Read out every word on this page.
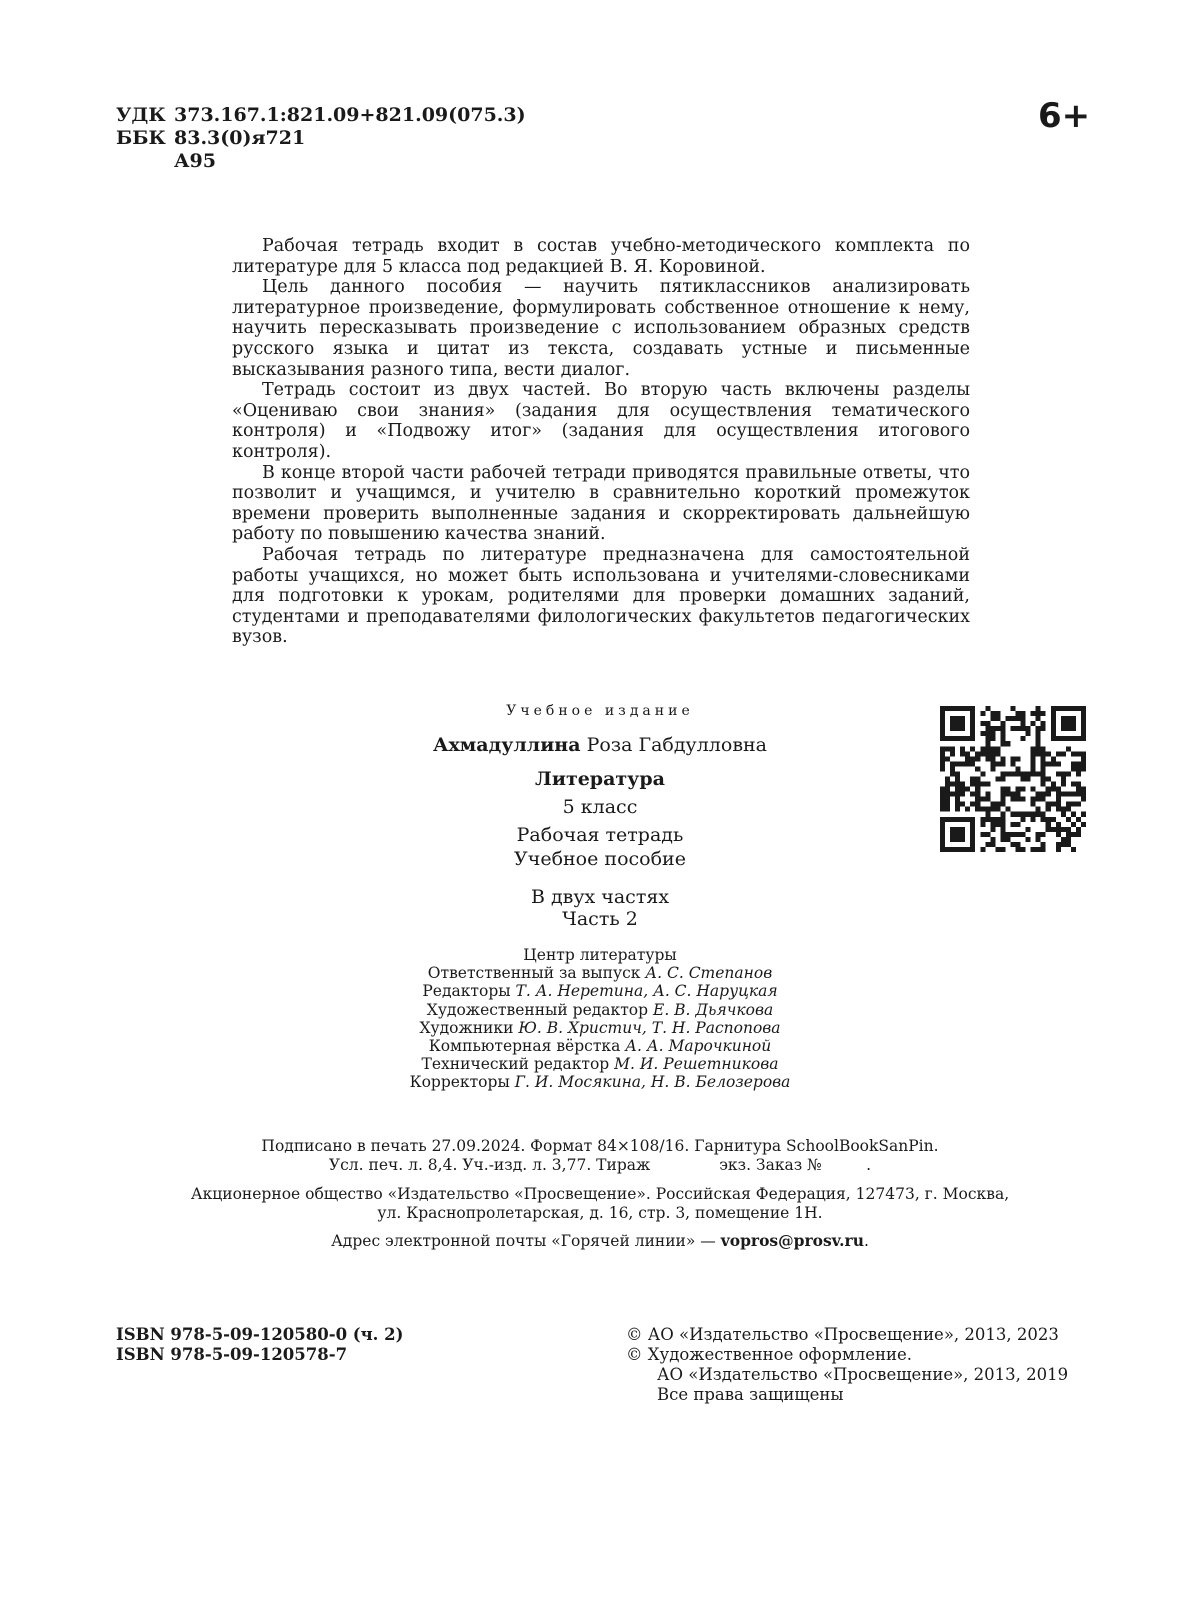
УДК 373.167.1:821.09+821.09(075.3)
ББК 83.3(0)я721
А95
6+

Рабочая тетрадь входит в состав учебно-методического комплекта по литературе для 5 класса под редакцией В. Я. Коровиной.

Цель данного пособия — научить пятиклассников анализировать литературное произведение, формулировать собственное отношение к нему, научить пересказывать произведение с использованием образных средств русского языка и цитат из текста, создавать устные и письменные высказывания разного типа, вести диалог.

Тетрадь состоит из двух частей. Во вторую часть включены разделы «Оцениваю свои знания» (задания для осуществления тематического контроля) и «Подвожу итог» (задания для осуществления итогового контроля).

В конце второй части рабочей тетради приводятся правильные ответы, что позволит и учащимся, и учителю в сравнительно короткий промежуток времени проверить выполненные задания и скорректировать дальнейшую работу по повышению качества знаний.

Рабочая тетрадь по литературе предназначена для самостоятельной работы учащихся, но может быть использована и учителями-словесниками для подготовки к урокам, родителями для проверки домашних заданий, студентами и преподавателями филологических факультетов педагогических вузов.

Учебное издание
Ахмадуллина Роза Габдулловна
Литература
5 класс
Рабочая тетрадь
Учебное пособие
В двух частях
Часть 2
Центр литературы
Ответственный за выпуск А. С. Степанов
Редакторы Т. А. Неретина, А. С. Наруцкая
Художественный редактор Е. В. Дьячкова
Художники Ю. В. Христич, Т. Н. Распопова
Компьютерная вёрстка А. А. Марочкиной
Технический редактор М. И. Решетникова
Корректоры Г. И. Мосякина, Н. В. Белозерова
Подписано в печать 27.09.2024. Формат 84×108/16. Гарнитура SchoolBookSanPin.
Усл. печ. л. 8,4. Уч.-изд. л. 3,77. Тираж              экз. Заказ №         .
Акционерное общество «Издательство «Просвещение». Российская Федерация, 127473, г. Москва,
ул. Краснопролетарская, д. 16, стр. 3, помещение 1Н.
Адрес электронной почты «Горячей линии» — vopros@prosv.ru.
ISBN 978-5-09-120580-0 (ч. 2)
ISBN 978-5-09-120578-7
© АО «Издательство «Просвещение», 2013, 2023
© Художественное оформление.
АО «Издательство «Просвещение», 2013, 2019
Все права защищены
